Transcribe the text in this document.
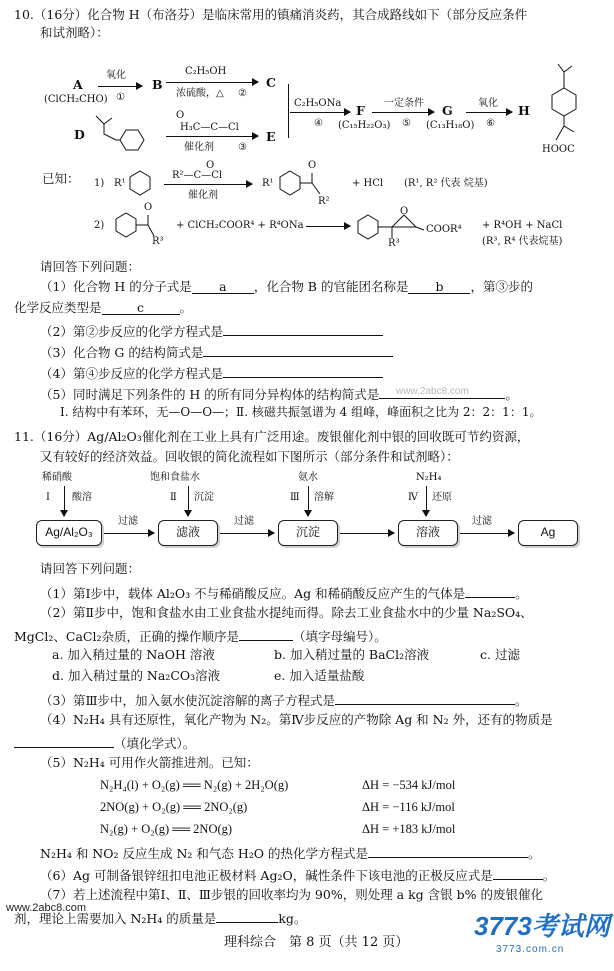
10.（16分）化合物 H（布洛芬）是临床常用的镇痛消炎药，其合成路线如下（部分反应条件
和试剂略）：
A
(ClCH₂CHO)
氧化
①
B
C₂H₅OH
浓硫酸，△ ②
C
D
O
H₃C—C—Cl
催化剂 ③
E
C₂H₅ONa
④
F
(C₁₅H₂₂O₃)
一定条件
⑤
G
(C₁₃H₁₈O)
氧化
⑥
H
HOOC
已知： 1) R¹
O
R²—C—Cl
催化剂
R¹
O
R²
+ HCl (R¹, R² 代表 烷基)
2)
O
R³
+ ClCH₂COOR⁴ + R⁴ONa
O
R³
COOR⁴ + R⁴OH + NaCl
(R³, R⁴ 代表烷基)
请回答下列问题：
（1）化合物 H 的分子式是 a ，化合物 B 的官能团名称是 b ，第③步的
化学反应类型是	c	。
（2）第②步反应的化学方程式是
（3）化合物 G 的结构简式是
（4）第④步反应的化学方程式是
（5）同时满足下列条件的 H 的所有同分异构体的结构简式是	。
Ⅰ. 结构中有苯环，无—O—O—；Ⅱ. 核磁共振氢谱为 4 组峰，峰面积之比为 2：2：1：1。
11.（16分）Ag/Al₂O₃催化剂在工业上具有广泛用途。废银催化剂中银的回收既可节约资源，
又有较好的经济效益。回收银的简化流程如下图所示（部分条件和试剂略）：
稀硝酸
Ⅰ 酸溶
饱和食盐水
Ⅱ 沉淀
氨水
Ⅲ 溶解
N₂H₄
Ⅳ 还原
Ag/Al₂O₃
过滤
滤液
过滤
沉淀	溶液
过滤
Ag
请回答下列问题：
（1）第Ⅰ步中，载体 Al₂O₃ 不与稀硝酸反应。Ag 和稀硝酸反应产生的气体是	。
（2）第Ⅱ步中，饱和食盐水由工业食盐水提纯而得。除去工业食盐水中的少量 Na₂SO₄、
MgCl₂、CaCl₂杂质，正确的操作顺序是	（填字母编号）。
a. 加入稍过量的 NaOH 溶液	b. 加入稍过量的 BaCl₂溶液	c. 过滤
d. 加入稍过量的 Na₂CO₃溶液	e. 加入适量盐酸
（3）第Ⅲ步中，加入氨水使沉淀溶解的离子方程式是	。
（4）N₂H₄ 具有还原性，氧化产物为 N₂。第Ⅳ步反应的产物除 Ag 和 N₂ 外，还有的物质是
（填化学式）。
（5）N₂H₄ 可用作火箭推进剂。已知：
N₂H₄(l) + O₂(g) ══ N₂(g) + 2H₂O(g)	ΔH = −534 kJ/mol
2NO(g) + O₂(g) ══ 2NO₂(g)	ΔH = −116 kJ/mol
N₂(g) + O₂(g) ══ 2NO(g)	ΔH = +183 kJ/mol
N₂H₄ 和 NO₂ 反应生成 N₂ 和气态 H₂O 的热化学方程式是	。
（6）Ag 可制备银锌纽扣电池正极材料 Ag₂O，碱性条件下该电池的正极反应式是	。
（7）若上述流程中第Ⅰ、Ⅱ、Ⅲ步银的回收率均为 90%，则处理 a kg 含银 b% 的废银催化
剂，理论上需要加入 N₂H₄ 的质量是	kg。
理科综合　第 8 页（共 12 页）
www.2abc8.com
www.2abc8.com
3773考试网
3773.com.cn
